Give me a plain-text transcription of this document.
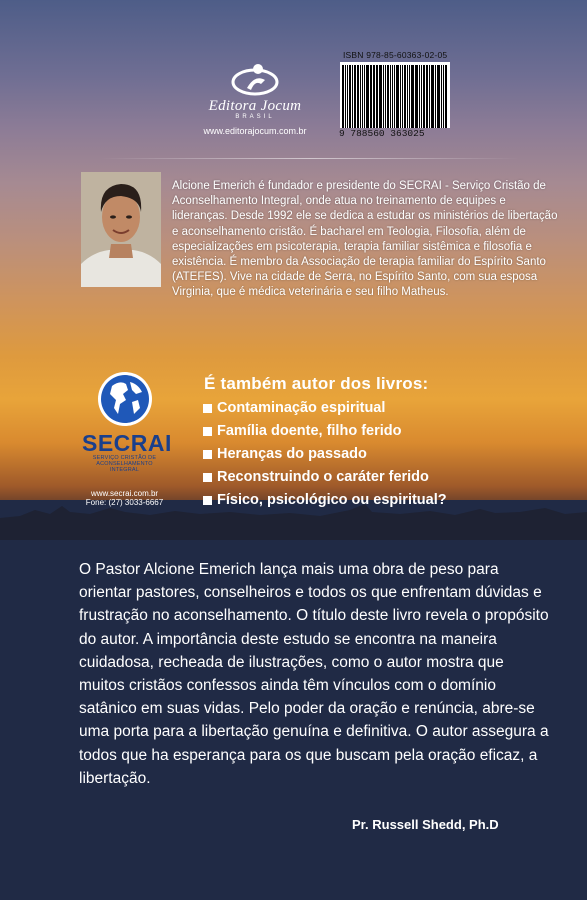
Editora Jocum
BRASIL
www.editorajocum.com.br
ISBN 978-85-60363-02-05
9 788560 363025
Alcione Emerich é fundador e presidente do SECRAI - Serviço Cristão de Aconselhamento Integral, onde atua no treinamento de equipes e lideranças. Desde 1992 ele se dedica a estudar os ministérios de libertação e aconselhamento cristão. É bacharel em Teologia, Filosofia, além de especializações em psicoterapia, terapia familiar sistêmica e filosofia e existência. É membro da Associação de terapia familiar do Espírito Santo (ATEFES). Vive na cidade de Serra, no Espírito Santo, com sua esposa Virginia, que é médica veterinária e seu filho Matheus.
SECRAI
SERVIÇO CRISTÃO DE ACONSELHAMENTO INTEGRAL
www.secrai.com.br
Fone: (27) 3033-6667
É também autor dos livros:
Contaminação espiritual
Família doente, filho ferido
Heranças do passado
Reconstruindo o caráter ferido
Físico, psicológico ou espiritual?
O Pastor Alcione Emerich lança mais uma obra de peso para orientar pastores, conselheiros e todos os que enfrentam dúvidas e frustração no aconselhamento. O título deste livro revela o propósito do autor. A importância deste estudo se encontra na maneira cuidadosa, recheada de ilustrações, como o autor mostra que muitos cristãos confessos ainda têm vínculos com o domínio satânico em suas vidas. Pelo poder da oração e renúncia, abre-se uma porta para a libertação genuína e definitiva. O autor assegura a todos que ha esperança para os que buscam pela oração eficaz, a libertação.
Pr. Russell Shedd, Ph.D
